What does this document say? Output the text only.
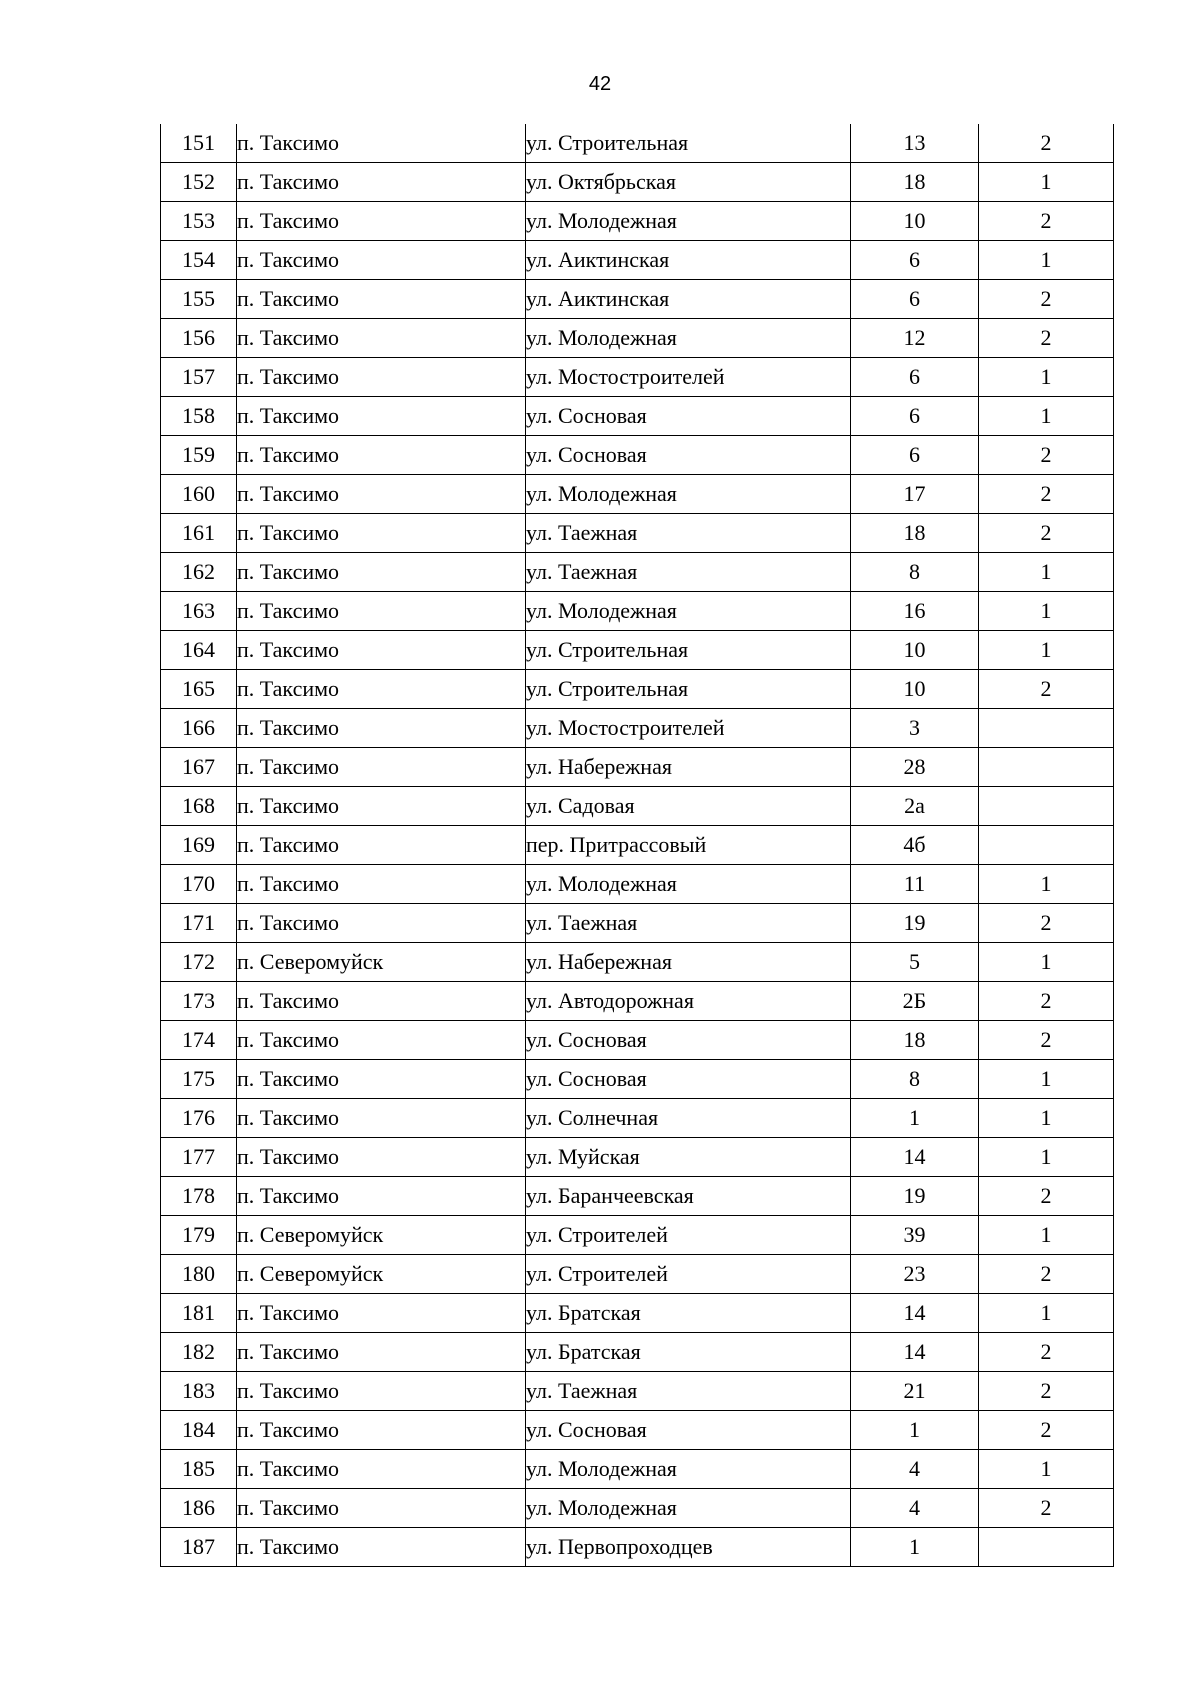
42
151	п. Таксимо	ул. Строительная	13	2
152	п. Таксимо	ул. Октябрьская	18	1
153	п. Таксимо	ул. Молодежная	10	2
154	п. Таксимо	ул. Аиктинская	6	1
155	п. Таксимо	ул. Аиктинская	6	2
156	п. Таксимо	ул. Молодежная	12	2
157	п. Таксимо	ул. Мостостроителей	6	1
158	п. Таксимо	ул. Сосновая	6	1
159	п. Таксимо	ул. Сосновая	6	2
160	п. Таксимо	ул. Молодежная	17	2
161	п. Таксимо	ул. Таежная	18	2
162	п. Таксимо	ул. Таежная	8	1
163	п. Таксимо	ул. Молодежная	16	1
164	п. Таксимо	ул. Строительная	10	1
165	п. Таксимо	ул. Строительная	10	2
166	п. Таксимо	ул. Мостостроителей	3	
167	п. Таксимо	ул. Набережная	28	
168	п. Таксимо	ул. Садовая	2а	
169	п. Таксимо	пер. Притрассовый	4б	
170	п. Таксимо	ул. Молодежная	11	1
171	п. Таксимо	ул. Таежная	19	2
172	п. Северомуйск	ул. Набережная	5	1
173	п. Таксимо	ул. Автодорожная	2Б	2
174	п. Таксимо	ул. Сосновая	18	2
175	п. Таксимо	ул. Сосновая	8	1
176	п. Таксимо	ул. Солнечная	1	1
177	п. Таксимо	ул. Муйская	14	1
178	п. Таксимо	ул. Баранчеевская	19	2
179	п. Северомуйск	ул. Строителей	39	1
180	п. Северомуйск	ул. Строителей	23	2
181	п. Таксимо	ул. Братская	14	1
182	п. Таксимо	ул. Братская	14	2
183	п. Таксимо	ул. Таежная	21	2
184	п. Таксимо	ул. Сосновая	1	2
185	п. Таксимо	ул. Молодежная	4	1
186	п. Таксимо	ул. Молодежная	4	2
187	п. Таксимо	ул. Первопроходцев	1	
